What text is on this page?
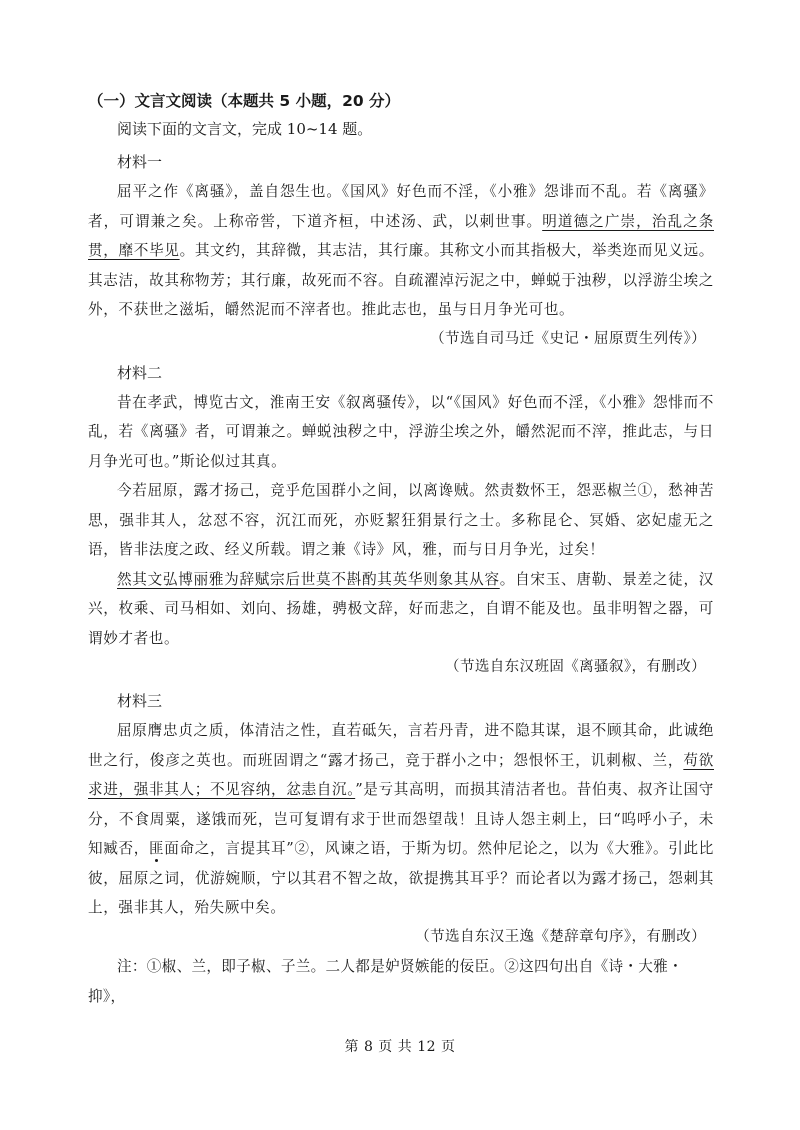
（一）文言文阅读（本题共 5 小题，20 分）

阅读下面的文言文，完成 10~14 题。

材料一

屈平之作《离骚》，盖自怨生也。《国风》好色而不淫，《小雅》怨诽而不乱。若《离骚》者，可谓兼之矣。上称帝喾，下道齐桓，中述汤、武，以刺世事。明道德之广崇，治乱之条贯，靡不毕见。其文约，其辞微，其志洁，其行廉。其称文小而其指极大，举类迩而见义远。其志洁，故其称物芳；其行廉，故死而不容。自疏濯淖污泥之中，蝉蜕于浊秽，以浮游尘埃之外，不获世之滋垢，皭然泥而不滓者也。推此志也，虽与日月争光可也。

（节选自司马迁《史记・屈原贾生列传》）

材料二

昔在孝武，博览古文，淮南王安《叙离骚传》，以“《国风》好色而不淫，《小雅》怨悱而不乱，若《离骚》者，可谓兼之。蝉蜕浊秽之中，浮游尘埃之外，皭然泥而不滓，推此志，与日月争光可也。”斯论似过其真。

今若屈原，露才扬己，竞乎危国群小之间，以离谗贼。然责数怀王，怨恶椒兰①，愁神苦思，强非其人，忿怼不容，沉江而死，亦贬絜狂狷景行之士。多称昆仑、冥婚、宓妃虚无之语，皆非法度之政、经义所载。谓之兼《诗》风，雅，而与日月争光，过矣！

然其文弘博丽雅为辞赋宗后世莫不斟酌其英华则象其从容。自宋玉、唐勒、景差之徒，汉兴，枚乘、司马相如、刘向、扬雄，骋极文辞，好而悲之，自谓不能及也。虽非明智之器，可谓妙才者也。

（节选自东汉班固《离骚叙》，有删改）

材料三

屈原膺忠贞之质，体清洁之性，直若砥矢，言若丹青，进不隐其谋，退不顾其命，此诚绝世之行，俊彦之英也。而班固谓之“露才扬己，竞于群小之中；怨恨怀王，讥刺椒、兰，苟欲求进，强非其人；不见容纳，忿恚自沉。”是亏其高明，而损其清洁者也。昔伯夷、叔齐让国守分，不食周粟，遂饿而死，岂可复谓有求于世而怨望哉！且诗人怨主刺上，曰“呜呼小子，未知臧否，匪面命之，言提其耳”②，风谏之语，于斯为切。然仲尼论之，以为《大雅》。引此比彼，屈原之词，优游婉顺，宁以其君不智之故，欲提携其耳乎？而论者以为露才扬己，怨刺其上，强非其人，殆失厥中矣。

（节选自东汉王逸《楚辞章句序》，有删改）

注：①椒、兰，即子椒、子兰。二人都是妒贤嫉能的佞臣。②这四句出自《诗・大雅・抑》，

第 8 页 共 12 页
